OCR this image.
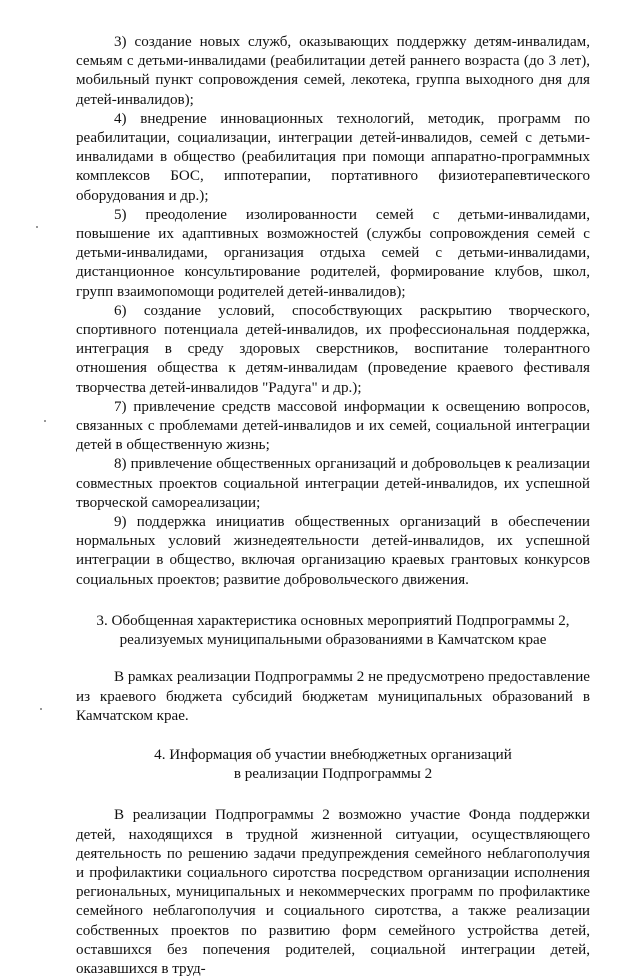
3) создание новых служб, оказывающих поддержку детям-инвалидам, семьям с детьми-инвалидами (реабилитации детей раннего возраста (до 3 лет), мобильный пункт сопровождения семей, лекотека, группа выходного дня для детей-инвалидов);

4) внедрение инновационных технологий, методик, программ по реабилитации, социализации, интеграции детей-инвалидов, семей с детьми-инвалидами в общество (реабилитация при помощи аппаратно-программных комплексов БОС, иппотерапии, портативного физиотерапевтического оборудования и др.);

5) преодоление изолированности семей с детьми-инвалидами, повышение их адаптивных возможностей (службы сопровождения семей с детьми-инвалидами, организация отдыха семей с детьми-инвалидами, дистанционное консультирование родителей, формирование клубов, школ, групп взаимопомощи родителей детей-инвалидов);

6) создание условий, способствующих раскрытию творческого, спортивного потенциала детей-инвалидов, их профессиональная поддержка, интеграция в среду здоровых сверстников, воспитание толерантного отношения общества к детям-инвалидам (проведение краевого фестиваля творчества детей-инвалидов "Радуга" и др.);

7) привлечение средств массовой информации к освещению вопросов, связанных с проблемами детей-инвалидов и их семей, социальной интеграции детей в общественную жизнь;

8) привлечение общественных организаций и добровольцев к реализации совместных проектов социальной интеграции детей-инвалидов, их успешной творческой самореализации;

9) поддержка инициатив общественных организаций в обеспечении нормальных условий жизнедеятельности детей-инвалидов, их успешной интеграции в общество, включая организацию краевых грантовых конкурсов социальных проектов; развитие добровольческого движения.

3. Обобщенная характеристика основных мероприятий Подпрограммы 2,

реализуемых муниципальными образованиями в Камчатском крае

В рамках реализации Подпрограммы 2 не предусмотрено предоставление из краевого бюджета субсидий бюджетам муниципальных образований в Камчатском крае.

4. Информация об участии внебюджетных организаций

в реализации Подпрограммы 2

В реализации Подпрограммы 2 возможно участие Фонда поддержки детей, находящихся в трудной жизненной ситуации, осуществляющего деятельность по решению задачи предупреждения семейного неблагополучия и профилактики социального сиротства посредством организации исполнения региональных, муниципальных и некоммерческих программ по профилактике семейного неблагополучия и социального сиротства, а также реализации собственных проектов по развитию форм семейного устройства детей, оставшихся без попечения родителей, социальной интеграции детей, оказавшихся в труд-
